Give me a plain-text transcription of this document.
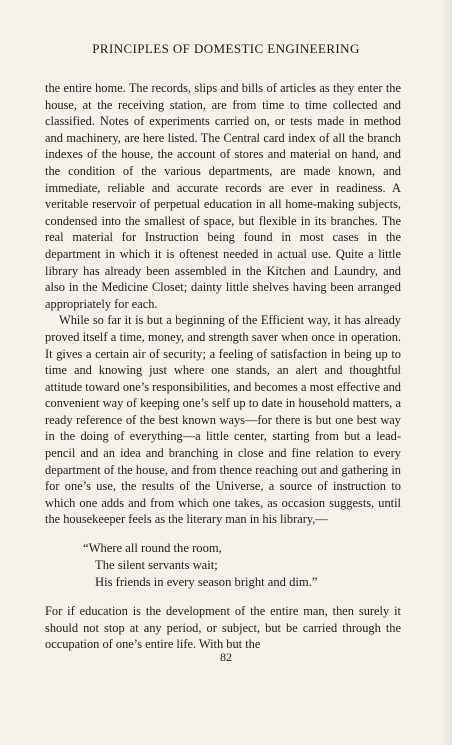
PRINCIPLES OF DOMESTIC ENGINEERING

the entire home. The records, slips and bills of articles as they enter the house, at the receiving station, are from time to time collected and classified. Notes of experiments carried on, or tests made in method and machinery, are here listed. The Central card index of all the branch indexes of the house, the account of stores and material on hand, and the condition of the various departments, are made known, and immediate, reliable and accurate records are ever in readiness. A veritable reservoir of perpetual education in all home-making subjects, condensed into the smallest of space, but flexible in its branches. The real material for Instruction being found in most cases in the department in which it is oftenest needed in actual use. Quite a little library has already been assembled in the Kitchen and Laundry, and also in the Medicine Closet; dainty little shelves having been arranged appropriately for each.

While so far it is but a beginning of the Efficient way, it has already proved itself a time, money, and strength saver when once in operation. It gives a certain air of security; a feeling of satisfaction in being up to time and knowing just where one stands, an alert and thoughtful attitude toward one’s responsibilities, and becomes a most effective and convenient way of keeping one’s self up to date in household matters, a ready reference of the best known ways—for there is but one best way in the doing of everything—a little center, starting from but a lead-pencil and an idea and branching in close and fine relation to every department of the house, and from thence reaching out and gathering in for one’s use, the results of the Universe, a source of instruction to which one adds and from which one takes, as occasion suggests, until the housekeeper feels as the literary man in his library,—

“Where all round the room,
The silent servants wait;
His friends in every season bright and dim.”

For if education is the development of the entire man, then surely it should not stop at any period, or subject, but be carried through the occupation of one’s entire life. With but the

82
